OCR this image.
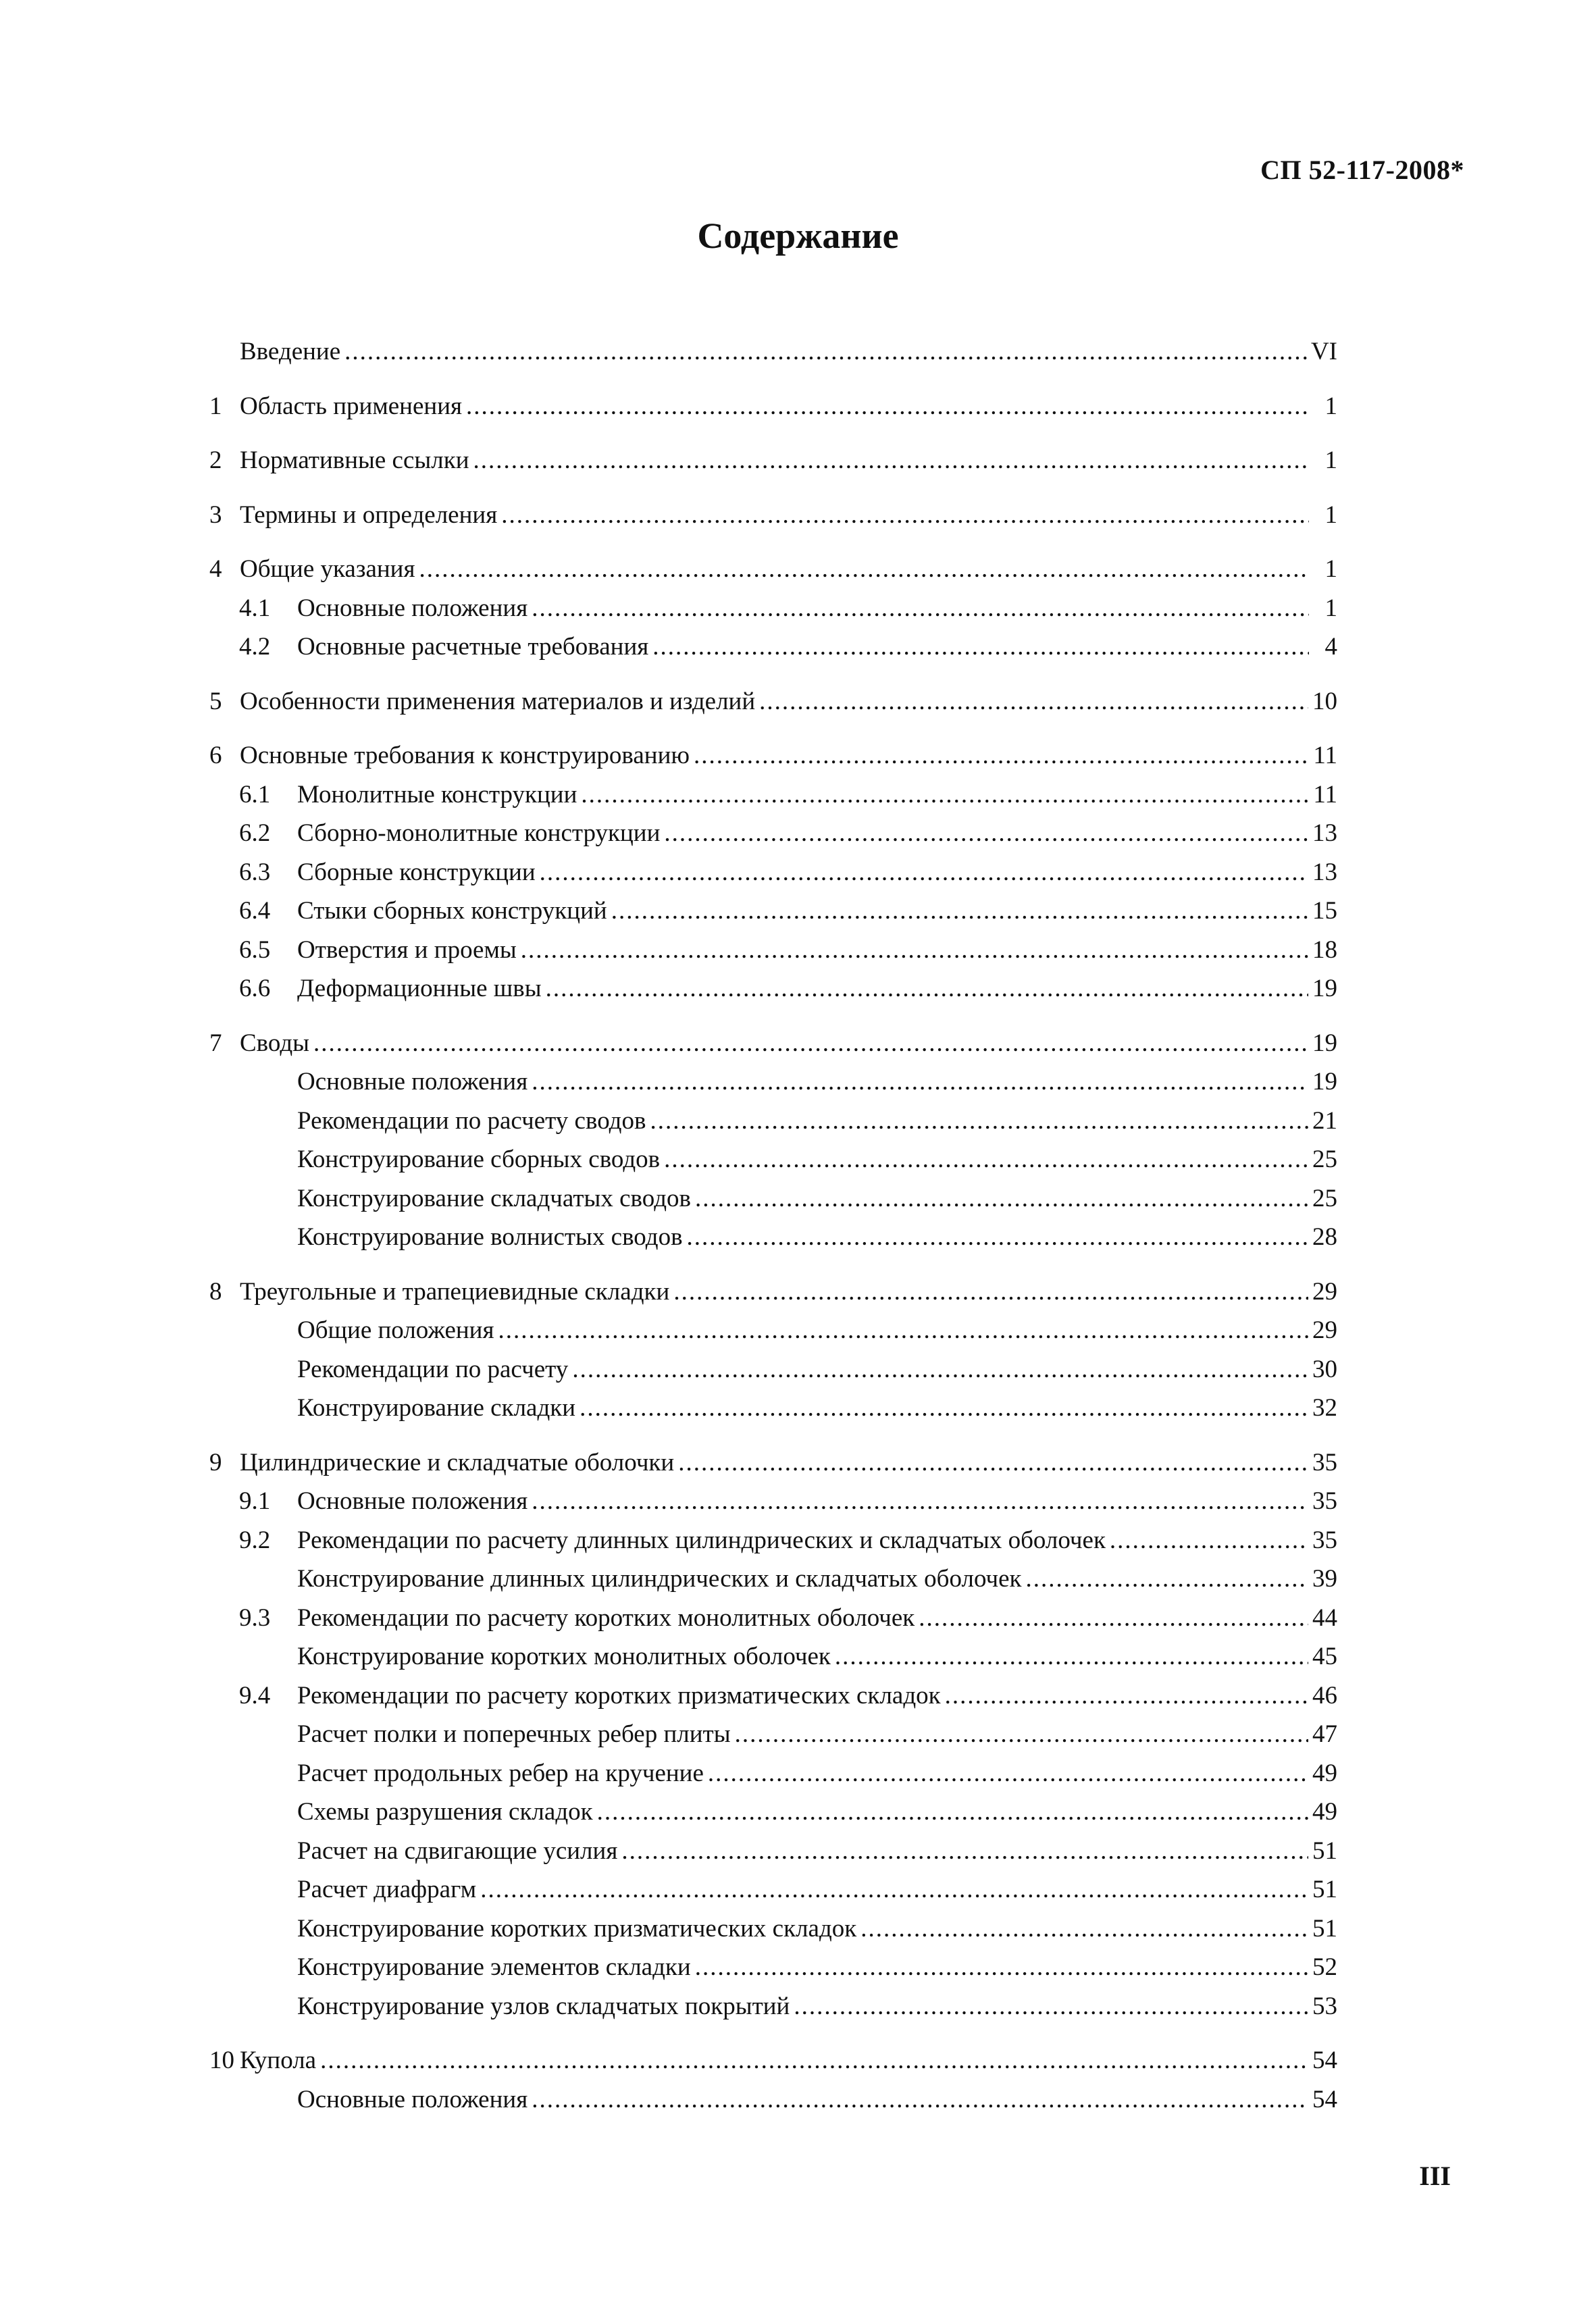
СП 52-117-2008*
Содержание
Введение .....	VI
1 Область применения .....	1
2 Нормативные ссылки .....	1
3 Термины и определения .....	1
4 Общие указания .....	1
4.1	Основные положения .....	1
4.2	Основные расчетные требования .....	4
5 Особенности применения материалов и изделий .....	10
6 Основные требования к конструированию .....	11
6.1	Монолитные конструкции .....	11
6.2	Сборно-монолитные конструкции .....	13
6.3	Сборные конструкции .....	13
6.4	Стыки сборных конструкций .....	15
6.5	Отверстия и проемы .....	18
6.6	Деформационные швы .....	19
7 Своды .....	19
Основные положения .....	19
Рекомендации по расчету сводов .....	21
Конструирование сборных сводов .....	25
Конструирование складчатых сводов .....	25
Конструирование волнистых сводов .....	28
8 Треугольные и трапециевидные складки .....	29
Общие положения .....	29
Рекомендации по расчету .....	30
Конструирование складки .....	32
9 Цилиндрические и складчатые оболочки .....	35
9.1	Основные положения .....	35
9.2	Рекомендации по расчету длинных цилиндрических и складчатых оболочек .....	35
Конструирование длинных цилиндрических и складчатых оболочек .....	39
9.3	Рекомендации по расчету коротких монолитных оболочек .....	44
Конструирование коротких монолитных оболочек .....	45
9.4	Рекомендации по расчету коротких призматических складок .....	46
Расчет полки и поперечных ребер плиты .....	47
Расчет продольных ребер на кручение .....	49
Схемы разрушения складок .....	49
Расчет на сдвигающие усилия .....	51
Расчет диафрагм .....	51
Конструирование коротких призматических складок .....	51
Конструирование элементов складки .....	52
Конструирование узлов складчатых покрытий .....	53
10 Купола .....	54
Основные положения .....	54
III
